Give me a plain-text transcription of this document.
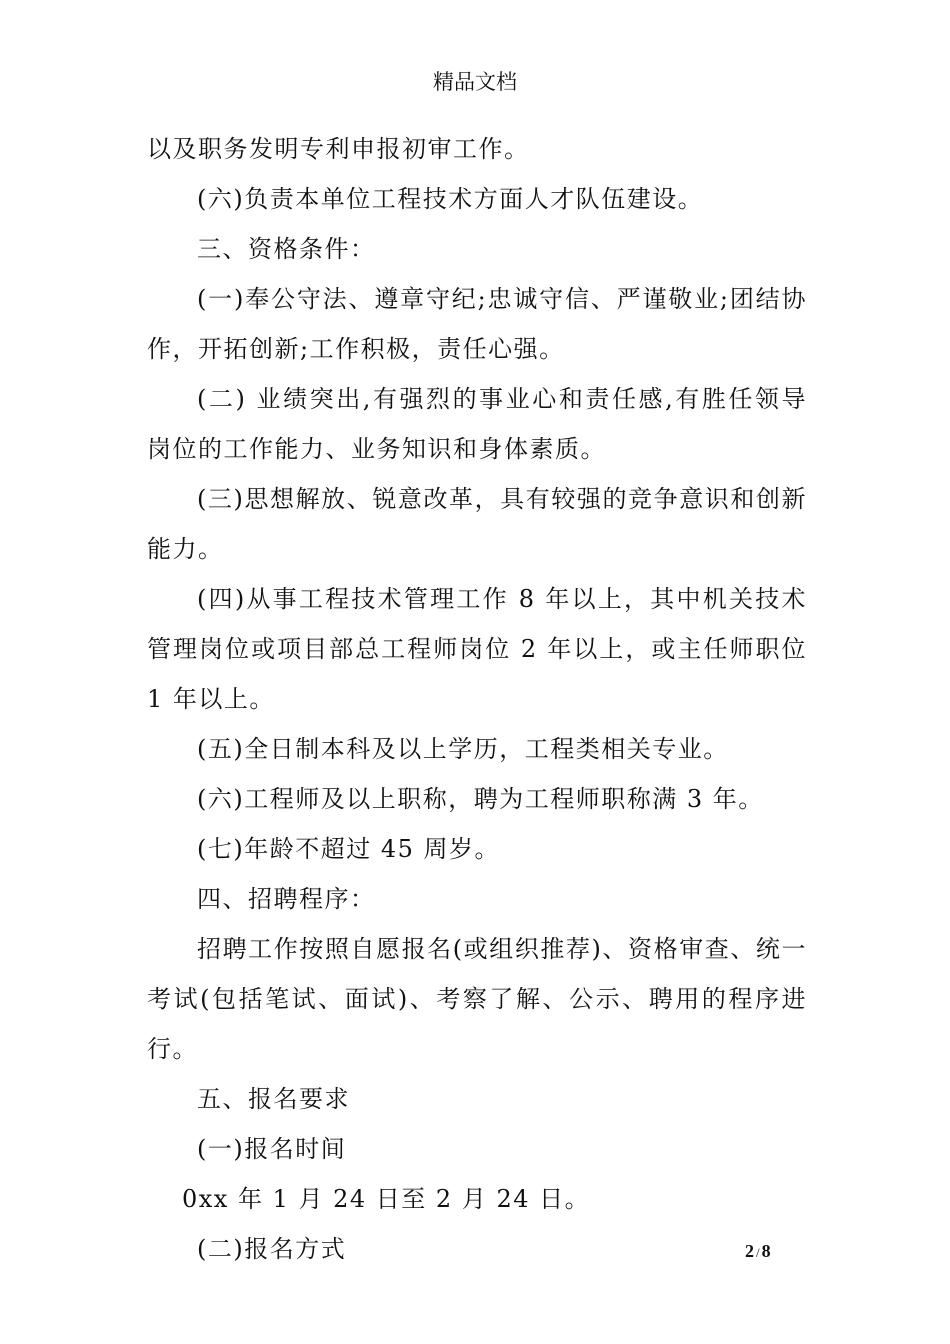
精品文档

以及职务发明专利申报初审工作。

(六)负责本单位工程技术方面人才队伍建设。

三、资格条件：

(一)奉公守法、遵章守纪;忠诚守信、严谨敬业;团结协作，开拓创新;工作积极，责任心强。

(二) 业绩突出,有强烈的事业心和责任感,有胜任领导岗位的工作能力、业务知识和身体素质。

(三)思想解放、锐意改革，具有较强的竞争意识和创新能力。

(四)从事工程技术管理工作 8 年以上，其中机关技术管理岗位或项目部总工程师岗位 2 年以上，或主任师职位 1 年以上。

(五)全日制本科及以上学历，工程类相关专业。

(六)工程师及以上职称，聘为工程师职称满 3 年。

(七)年龄不超过 45 周岁。

四、招聘程序：

招聘工作按照自愿报名(或组织推荐)、资格审查、统一考试(包括笔试、面试)、考察了解、公示、聘用的程序进行。

五、报名要求

(一)报名时间

0xx 年 1 月 24 日至 2 月 24 日。

(二)报名方式	2 / 8
